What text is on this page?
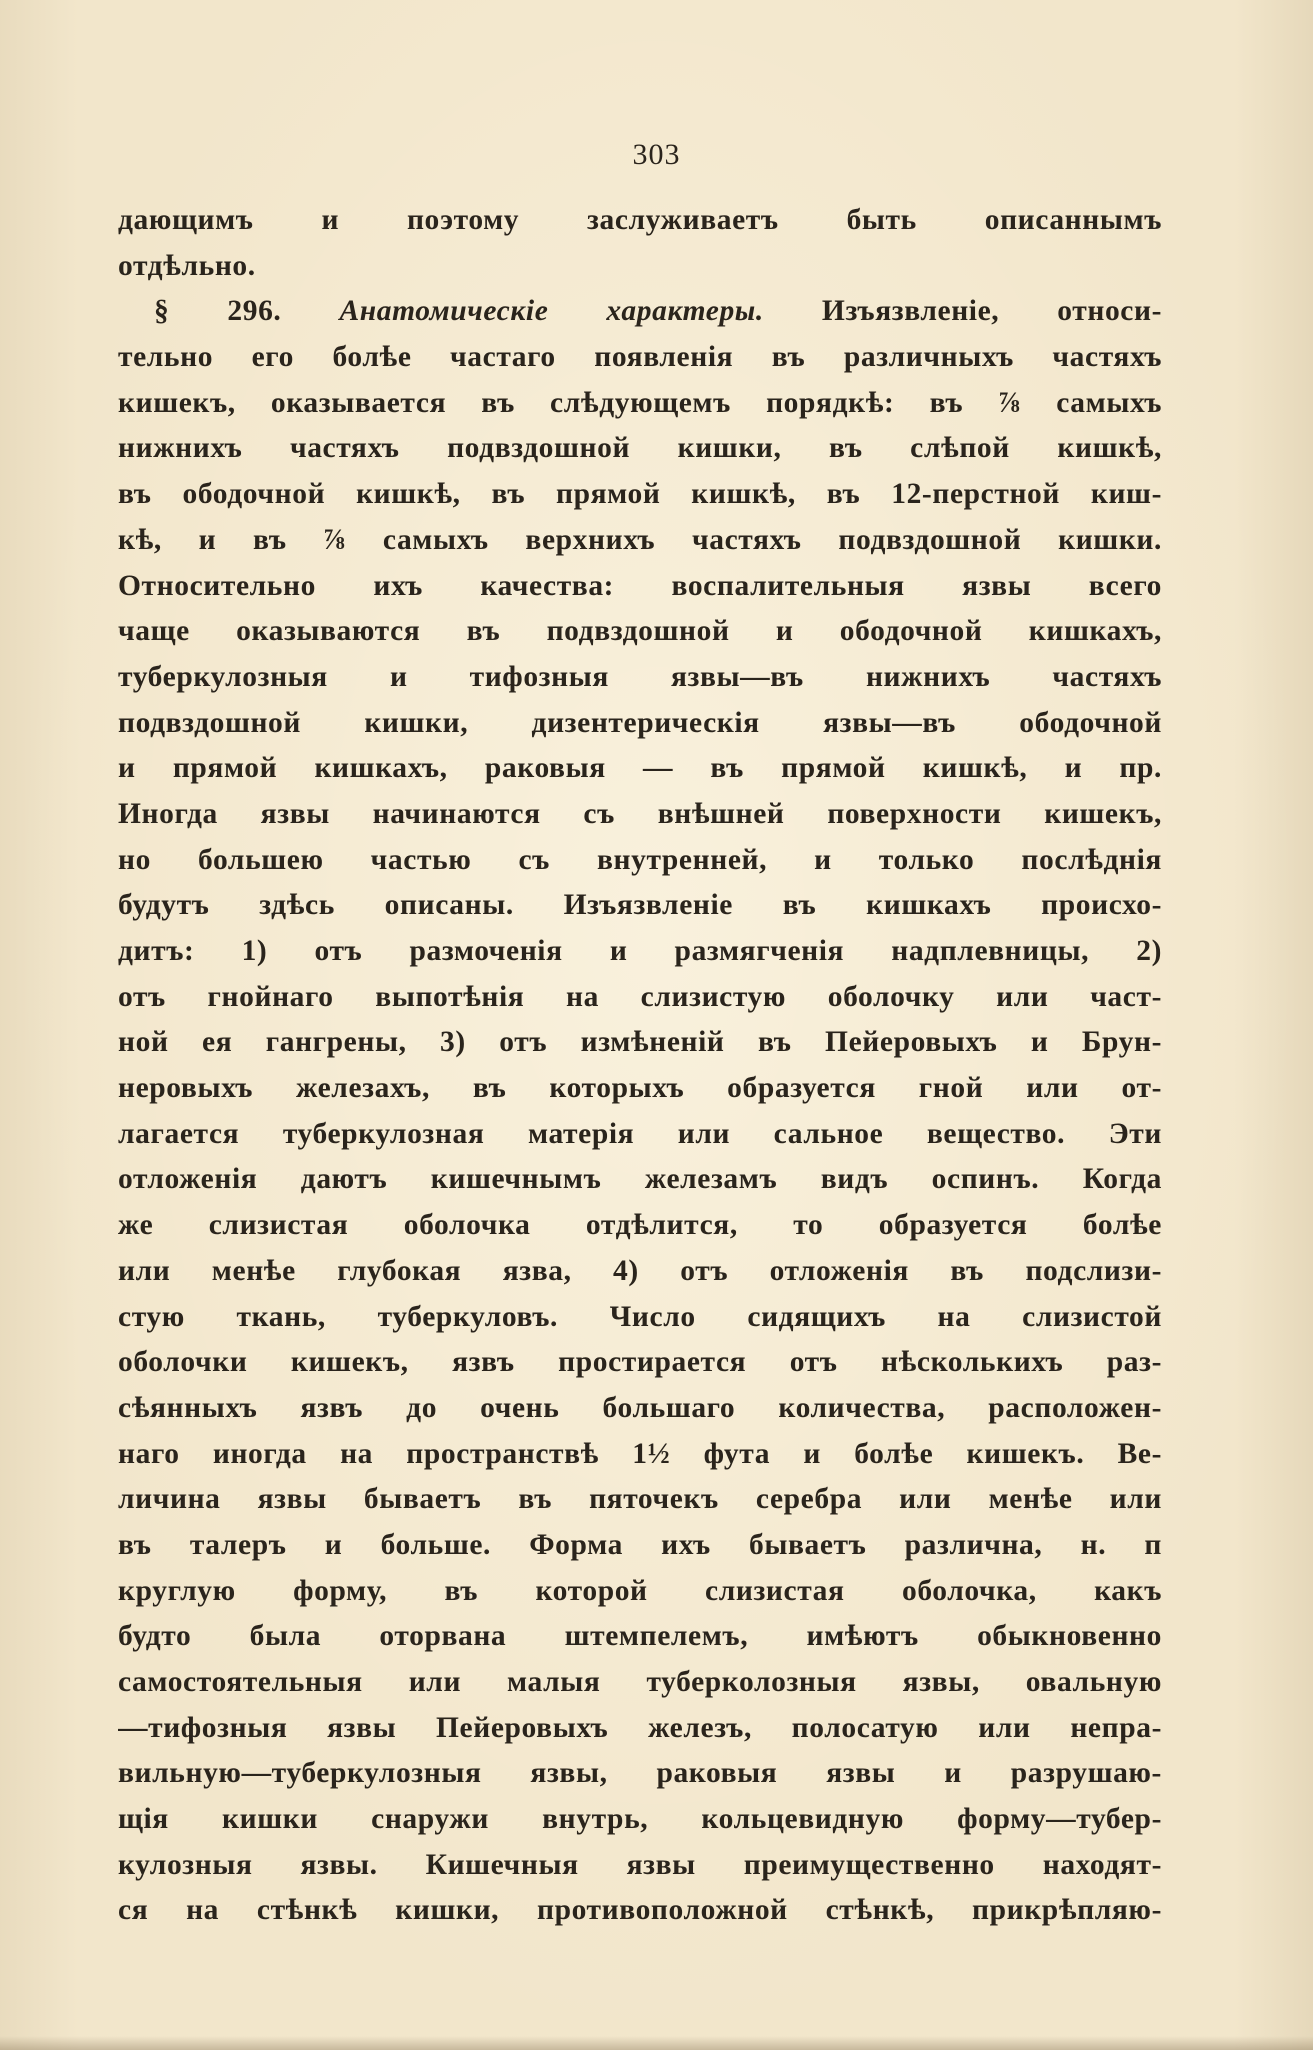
303
дающимъ и поэтому заслуживаетъ быть описаннымъ
отдѣльно.
§ 296. Анатомическіе характеры. Изъязвленіе, относи-
тельно его болѣе частаго появленія въ различныхъ частяхъ
кишекъ, оказывается въ слѣдующемъ порядкѣ: въ ⅞ самыхъ
нижнихъ частяхъ подвздошной кишки, въ слѣпой кишкѣ,
въ ободочной кишкѣ, въ прямой кишкѣ, въ 12-перстной киш-
кѣ, и въ ⅞ самыхъ верхнихъ частяхъ подвздошной кишки.
Относительно ихъ качества: воспалительныя язвы всего
чаще оказываются въ подвздошной и ободочной кишкахъ,
туберкулозныя и тифозныя язвы—въ нижнихъ частяхъ
подвздошной кишки, дизентерическія язвы—въ ободочной
и прямой кишкахъ, раковыя — въ прямой кишкѣ, и пр.
Иногда язвы начинаются съ внѣшней поверхности кишекъ,
но большею частью съ внутренней, и только послѣднія
будутъ здѣсь описаны. Изъязвленіе въ кишкахъ происхо-
дитъ: 1) отъ размоченія и размягченія надплевницы, 2)
отъ гнойнаго выпотѣнія на слизистую оболочку или част-
ной ея гангрены, 3) отъ измѣненій въ Пейеровыхъ и Брун-
неровыхъ железахъ, въ которыхъ образуется гной или от-
лагается туберкулозная матерія или сальное вещество. Эти
отложенія даютъ кишечнымъ железамъ видъ оспинъ. Когда
же слизистая оболочка отдѣлится, то образуется болѣе
или менѣе глубокая язва, 4) отъ отложенія въ подслизи-
стую ткань, туберкуловъ. Число сидящихъ на слизистой
оболочки кишекъ, язвъ простирается отъ нѣсколькихъ раз-
сѣянныхъ язвъ до очень большаго количества, расположен-
наго иногда на пространствѣ 1½ фута и болѣе кишекъ. Ве-
личина язвы бываетъ въ пяточекъ серебра или менѣе или
въ талеръ и больше. Форма ихъ бываетъ различна, н. п
круглую форму, въ которой слизистая оболочка, какъ
будто была оторвана штемпелемъ, имѣютъ обыкновенно
самостоятельныя или малыя туберколозныя язвы, овальную
—тифозныя язвы Пейеровыхъ железъ, полосатую или непра-
вильную—туберкулозныя язвы, раковыя язвы и разрушаю-
щія кишки снаружи внутрь, кольцевидную форму—тубер-
кулозныя язвы. Кишечныя язвы преимущественно находят-
ся на стѣнкѣ кишки, противоположной стѣнкѣ, прикрѣпляю-
